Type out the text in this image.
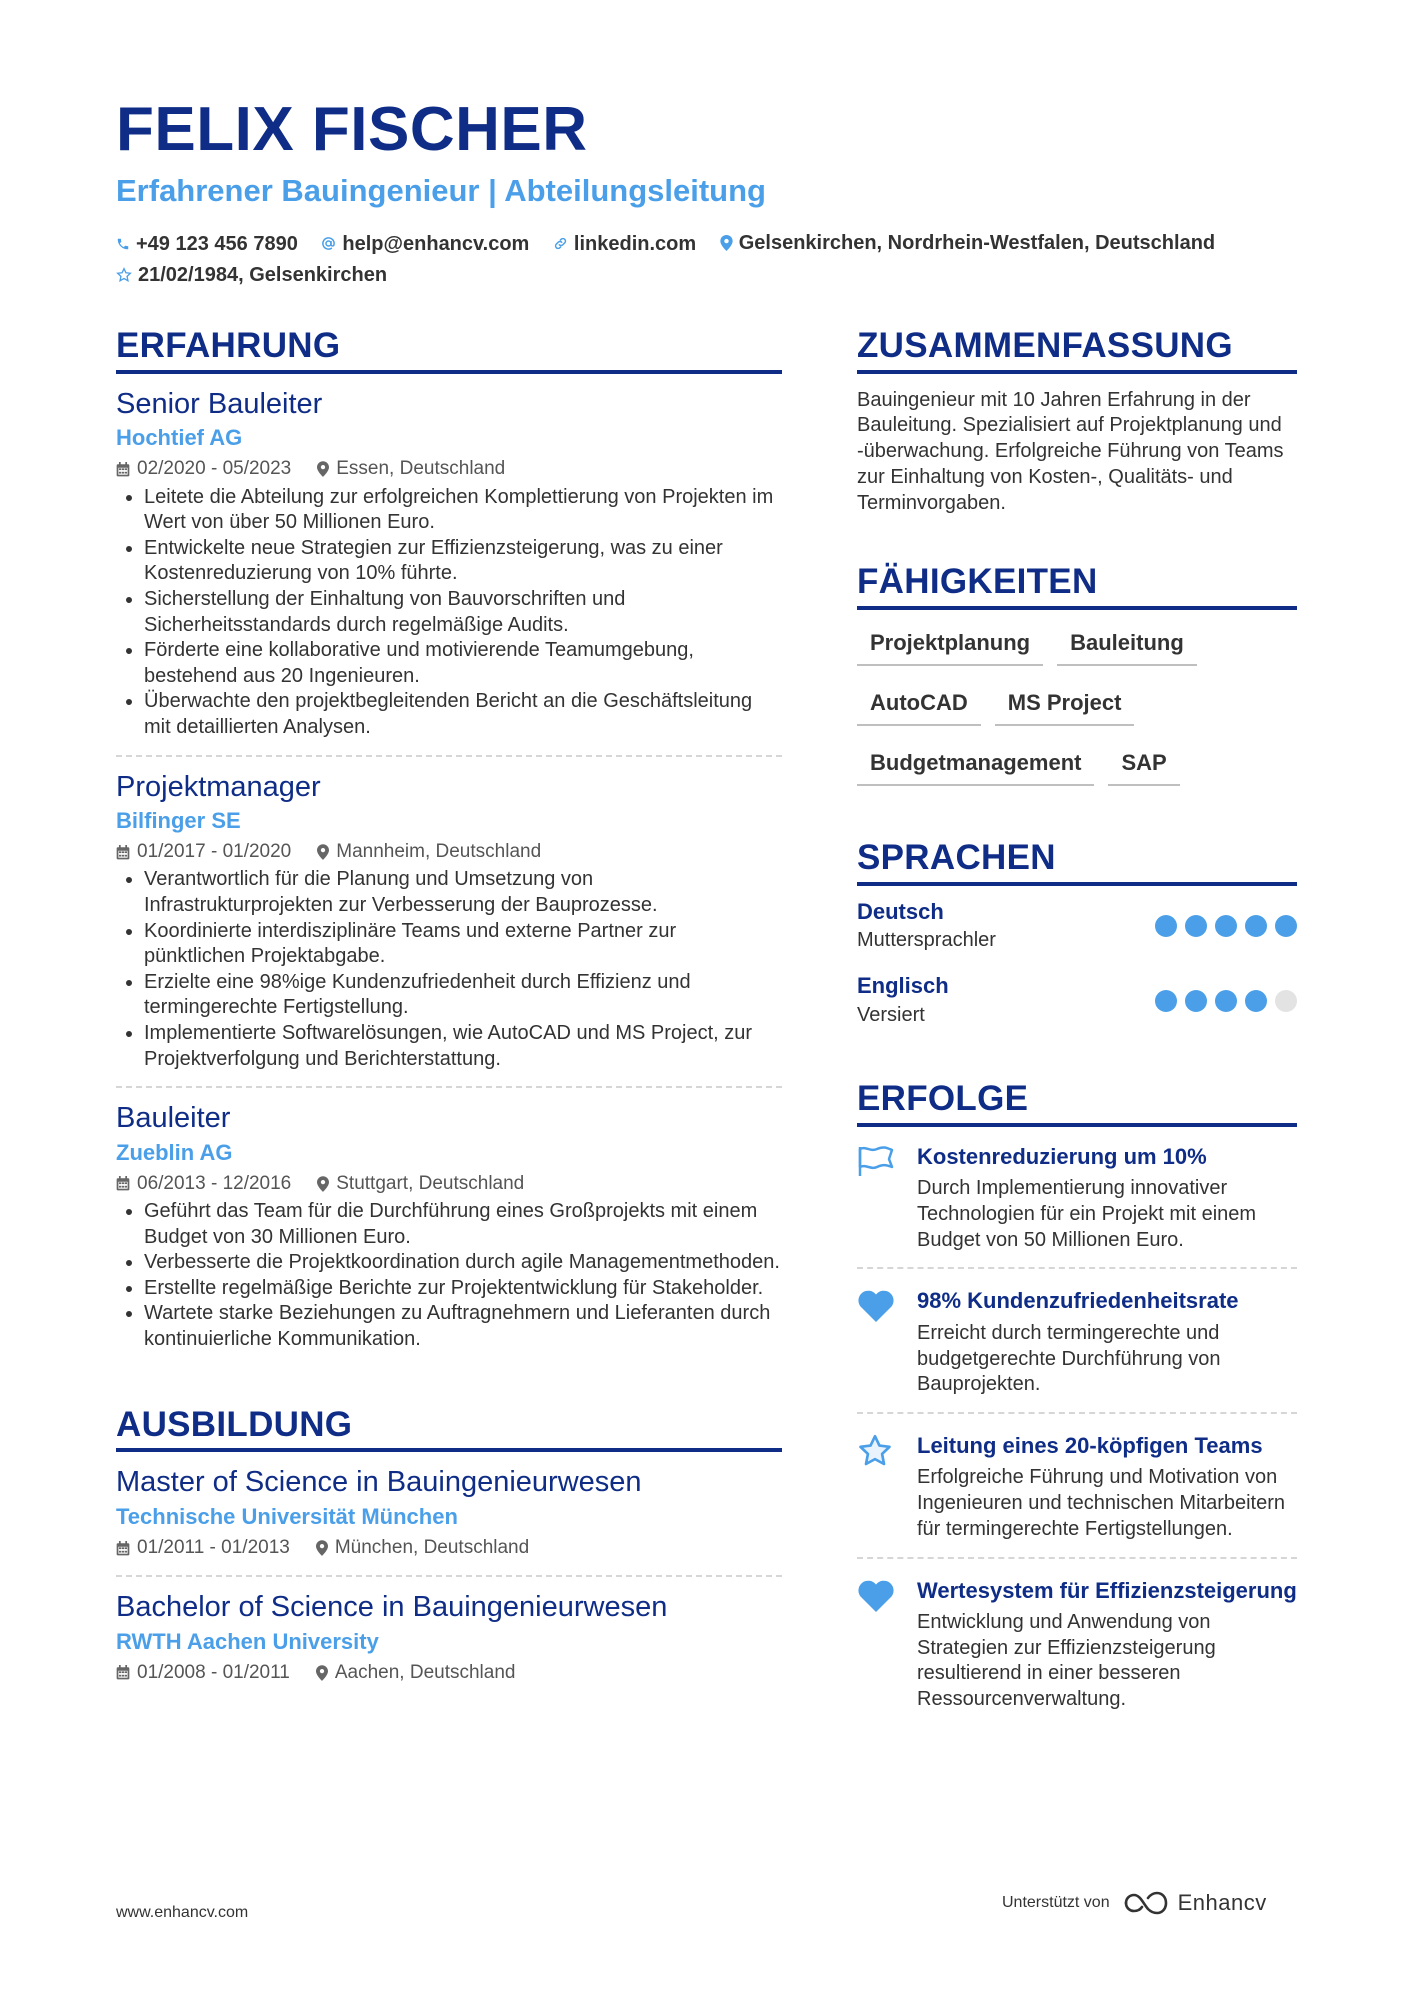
FELIX FISCHER
Erfahrener Bauingenieur | Abteilungsleitung
+49 123 456 7890
help@enhancv.com
linkedin.com
Gelsenkirchen, Nordrhein-Westfalen, Deutschland

21/02/1984, Gelsenkirchen
ERFAHRUNG
Senior Bauleiter
Hochtief AG
02/2020 - 05/2023 Essen, Deutschland
• Leitete die Abteilung zur erfolgreichen Komplettierung von Projekten im Wert von über 50 Millionen Euro.
• Entwickelte neue Strategien zur Effizienzsteigerung, was zu einer Kostenreduzierung von 10% führte.
• Sicherstellung der Einhaltung von Bauvorschriften und Sicherheitsstandards durch regelmäßige Audits.
• Förderte eine kollaborative und motivierende Teamumgebung, bestehend aus 20 Ingenieuren.
• Überwachte den projektbegleitenden Bericht an die Geschäftsleitung mit detaillierten Analysen.
Projektmanager
Bilfinger SE
01/2017 - 01/2020 Mannheim, Deutschland
• Verantwortlich für die Planung und Umsetzung von Infrastrukturprojekten zur Verbesserung der Bauprozesse.
• Koordinierte interdisziplinäre Teams und externe Partner zur pünktlichen Projektabgabe.
• Erzielte eine 98%ige Kundenzufriedenheit durch Effizienz und termingerechte Fertigstellung.
• Implementierte Softwarelösungen, wie AutoCAD und MS Project, zur Projektverfolgung und Berichterstattung.
Bauleiter
Zueblin AG
06/2013 - 12/2016 Stuttgart, Deutschland
• Geführt das Team für die Durchführung eines Großprojekts mit einem Budget von 30 Millionen Euro.
• Verbesserte die Projektkoordination durch agile Managementmethoden.
• Erstellte regelmäßige Berichte zur Projektentwicklung für Stakeholder.
• Wartete starke Beziehungen zu Auftragnehmern und Lieferanten durch kontinuierliche Kommunikation.
AUSBILDUNG
Master of Science in Bauingenieurwesen
Technische Universität München
01/2011 - 01/2013 München, Deutschland
Bachelor of Science in Bauingenieurwesen
RWTH Aachen University
01/2008 - 01/2011 Aachen, Deutschland
ZUSAMMENFASSUNG
Bauingenieur mit 10 Jahren Erfahrung in der Bauleitung. Spezialisiert auf Projektplanung und -überwachung. Erfolgreiche Führung von Teams zur Einhaltung von Kosten-, Qualitäts- und Terminvorgaben.
FÄHIGKEITEN
Projektplanung	Bauleitung
AutoCAD	MS Project
Budgetmanagement	SAP
SPRACHEN
Deutsch
Muttersprachler
Englisch
Versiert
ERFOLGE
Kostenreduzierung um 10%
Durch Implementierung innovativer Technologien für ein Projekt mit einem Budget von 50 Millionen Euro.
98% Kundenzufriedenheitsrate
Erreicht durch termingerechte und budgetgerechte Durchführung von Bauprojekten.
Leitung eines 20-köpfigen Teams
Erfolgreiche Führung und Motivation von Ingenieuren und technischen Mitarbeitern für termingerechte Fertigstellungen.
Wertesystem für Effizienzsteigerung
Entwicklung und Anwendung von Strategien zur Effizienzsteigerung resultierend in einer besseren Ressourcenverwaltung.
www.enhancv.com
Unterstützt von	Enhancv
